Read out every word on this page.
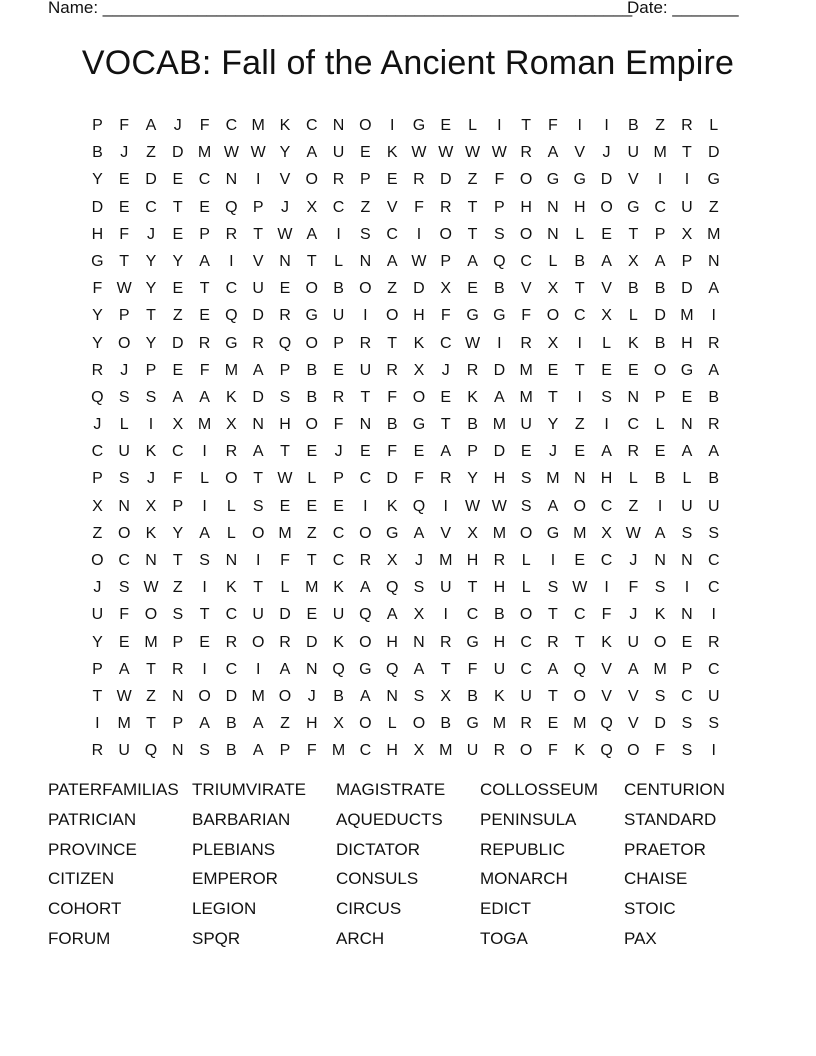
Name: ________________________________________________________
Date: _______
VOCAB: Fall of the Ancient Roman Empire
P	F	A	J	F	C M K C N O	I	G E	L	I	T	F	I	I	B	Z	R	L
B	J	Z	D M W W Y	A U E	K W W W W R A	V	J	U M T	D
Y	E D E C N	I	V O R P	E R D	Z	F O G G D V	I	I	G
D E C	T	E Q P	J	X C	Z	V	F	R	T	P H N H O G C U	Z
H	F	J	E	P R	T W A	I	S C	I	O T	S O N	L	E	T	P	X M
G T	Y	Y	A	I	V N	T	L	N A W P	A Q C	L	B	A	X	A	P N
F W Y	E	T	C U E O B O Z	D X	E	B	V	X	T	V	B	B D A
Y	P	T	Z	E Q D R G U	I	O H	F G G F O C X	L	D M	I
Y O Y D R G R Q O P R	T	K C W	I	R X	I	L	K	B H R
R	J	P	E	F M A	P	B	E U R X	J	R D M E	T	E	E O G A
Q S	S	A	A	K D S	B R	T	F O E	K	A M T	I	S N P	E	B
J	L	I	X M X N H O F	N B G T	B M U Y	Z	I	C	L	N R
C U K C	I	R A	T	E	J	E	F	E	A	P D E	J	E	A R E	A	A
P	S	J	F	L	O T W L	P C D	F	R Y H S M N H	L	B	L	B
X N X	P	I	L	S	E	E	E	I	K Q	I	W W S	A O C	Z	I	U U
Z O K	Y	A	L	O M Z	C O G A	V	X M O G M X W A	S	S
O C N	T	S N	I	F	T	C R X	J	M H R	L	I	E C	J	N N C
J	S W Z	I	K	T	L M K	A Q S U	T	H	L	S W	I	F	S	I	C
U	F O S	T	C U D E U Q A	X	I	C B O T	C	F	J	K N	I
Y	E M P	E R O R D K O H N R G H C R	T	K U O E R
P	A	T	R	I	C	I	A N Q G Q A	T	F	U C A Q V	A M P C
T W Z	N O D M O	J	B	A N S	X	B	K U	T O V	V	S C U
I	M T	P	A	B	A	Z	H X O	L	O B G M R E M Q V D S	S
R U Q N S	B	A	P	F M C H X M U R O F	K Q O F	S	I
PATERFAMILIAS TRIUMVIRATE	MAGISTRATE	COLLOSSEUM	CENTURION
PATRICIAN	BARBARIAN	AQUEDUCTS	PENINSULA	STANDARD
PROVINCE	PLEBIANS	DICTATOR	REPUBLIC	PRAETOR
CITIZEN	EMPEROR	CONSULS	MONARCH	CHAISE
COHORT	LEGION	CIRCUS	EDICT	STOIC
FORUM	SPQR	ARCH	TOGA	PAX
